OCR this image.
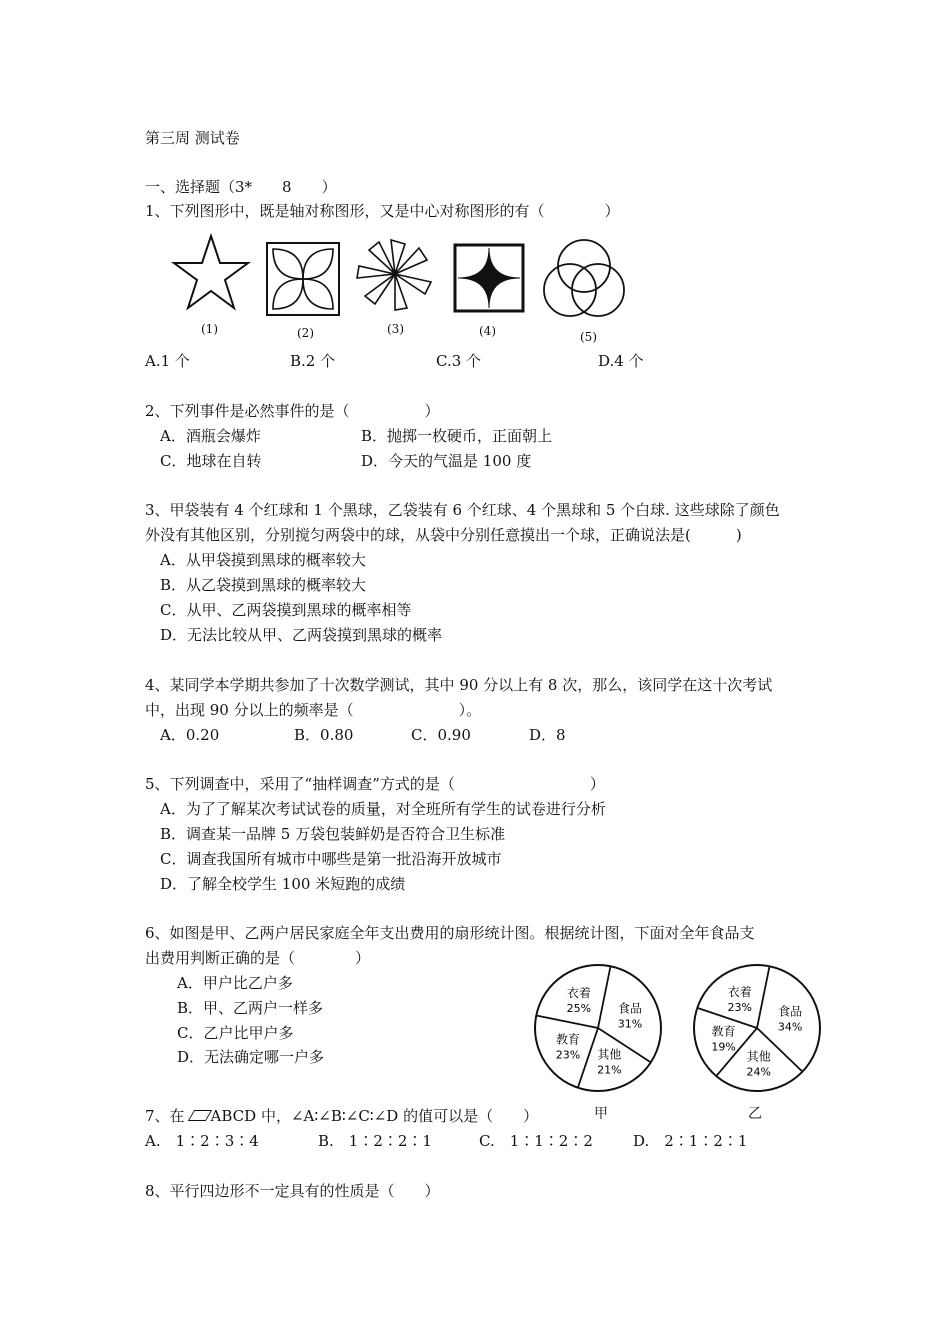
第三周 测试卷
一、选择题（3*　　8　　）
1、下列图形中，既是轴对称图形，又是中心对称图形的有（　　　　）
(1)	(2)	(3)	(4)	(5)
A.1 个	B.2 个	C.3 个	D.4 个
2、下列事件是必然事件的是（　　　　　）
A．酒瓶会爆炸	B．抛掷一枚硬币，正面朝上
C．地球在自转	D．今天的气温是 100 度
3、甲袋装有 4 个红球和 1 个黑球，乙袋装有 6 个红球、4 个黑球和 5 个白球. 这些球除了颜色
外没有其他区别，分别搅匀两袋中的球，从袋中分别任意摸出一个球，正确说法是(　　　)
A．从甲袋摸到黑球的概率较大
B．从乙袋摸到黑球的概率较大
C．从甲、乙两袋摸到黑球的概率相等
D．无法比较从甲、乙两袋摸到黑球的概率
4、某同学本学期共参加了十次数学测试，其中 90 分以上有 8 次，那么，该同学在这十次考试
中，出现 90 分以上的频率是（　　　　　　　）。
A．0.20	B．0.80	C．0.90	D．8
5、下列调查中，采用了“抽样调查”方式的是（　　　　　　　　　）
A．为了了解某次考试试卷的质量，对全班所有学生的试卷进行分析
B．调查某一品牌 5 万袋包装鲜奶是否符合卫生标准
C．调查我国所有城市中哪些是第一批沿海开放城市
D．了解全校学生 100 米短跑的成绩
6、如图是甲、乙两户居民家庭全年支出费用的扇形统计图。根据统计图，下面对全年食品支
出费用判断正确的是（　　　　）
A．甲户比乙户多
B．甲、乙两户一样多
C．乙户比甲户多
D．无法确定哪一户多
食品
31%
其他
21%
教育
23%
衣着
25%	食品
34%
其他
24%
教育
19%
衣着
23%
甲	乙
7、在 ABCD 中，∠A∶∠B∶∠C∶∠D 的值可以是（　　）
A.　1∶2∶3∶4	B.　1∶2∶2∶1	C.　1∶1∶2∶2	D.　2∶1∶2∶1
8、平行四边形不一定具有的性质是（　　）
